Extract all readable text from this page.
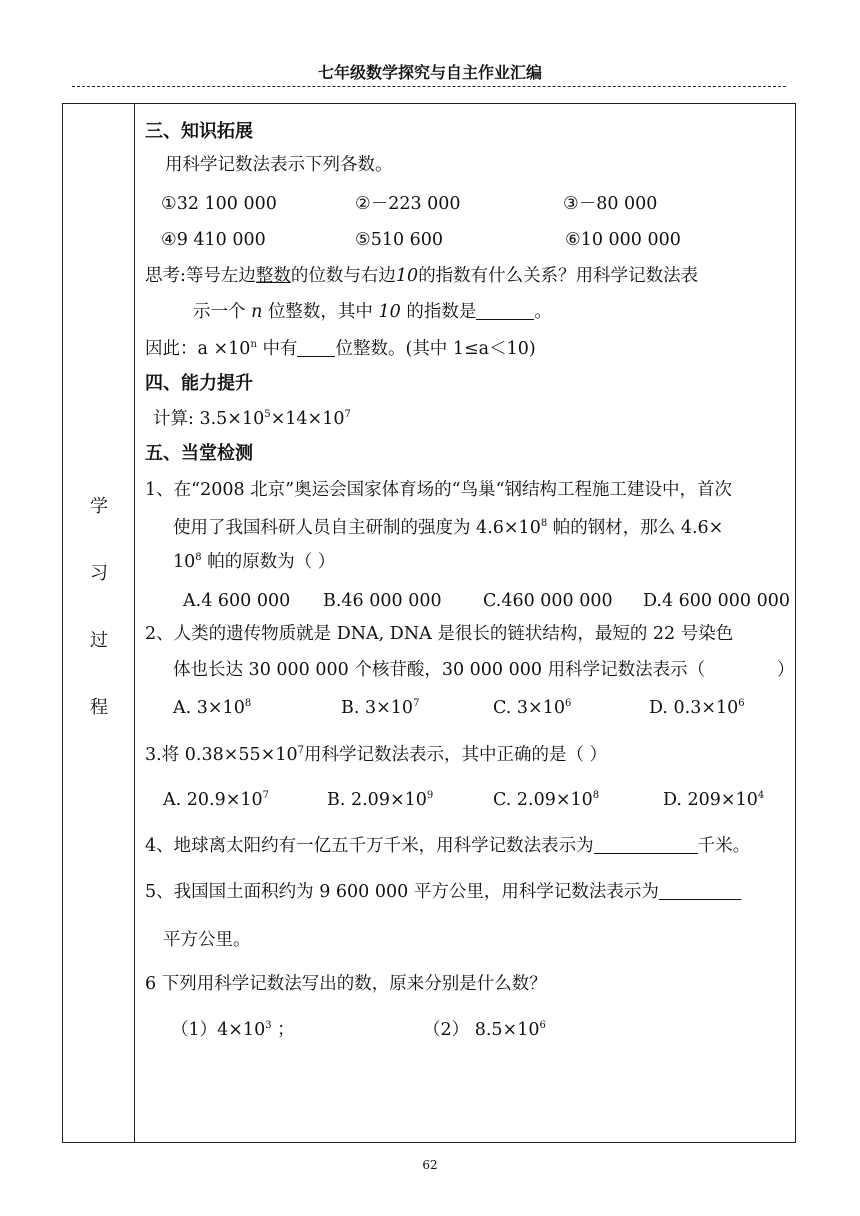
七年级数学探究与自主作业汇编
学
习
过
程
三、知识拓展
用科学记数法表示下列各数。
①32 100 000	②－223 000	③－80 000
④9 410 000	⑤510 600	⑥10 000 000
思考:等号左边整数的位数与右边10的指数有什么关系？用科学记数法表
示一个 n 位整数，其中 10 的指数是	。
因此：$a \times 10^n$ 中有 位整数。(其中 1≤a＜10)
四、能力提升
计算: $3.5\times 10^5\times 14\times 10^7$
五、当堂检测
1、在“2008 北京”奥运会国家体育场的“鸟巢“钢结构工程施工建设中，首次
使用了我国科研人员自主研制的强度为 $4.6\times 10^8$ 帕的钢材，那么 4.6×
$10^8$ 帕的原数为（ ）
A.4 600 000 B.46 000 000 C.460 000 000 D.4 600 000 000
2、人类的遗传物质就是 DNA, DNA 是很长的链状结构，最短的 22 号染色
体也长达 30 000 000 个核苷酸，30 000 000 用科学记数法表示（	）
A. $3\times 10^8$	B. $3\times 10^7$	C. $3\times 10^6$	D. $0.3\times 10^6$
3.将 $0.38\times 55\times 10^7$用科学记数法表示，其中正确的是（ ）
A. $20.9\times 10^7$	B. $2.09\times 10^9$	C. $2.09\times 10^8$	D. $209\times 10^4$
4、地球离太阳约有一亿五千万千米，用科学记数法表示为	千米。
5、我国国土面积约为 9 600 000 平方公里，用科学记数法表示为
平方公里。
6 下列用科学记数法写出的数，原来分别是什么数？
$(1)4\times 10^3$ ；	（2） $8.5\times 10^6$
62
